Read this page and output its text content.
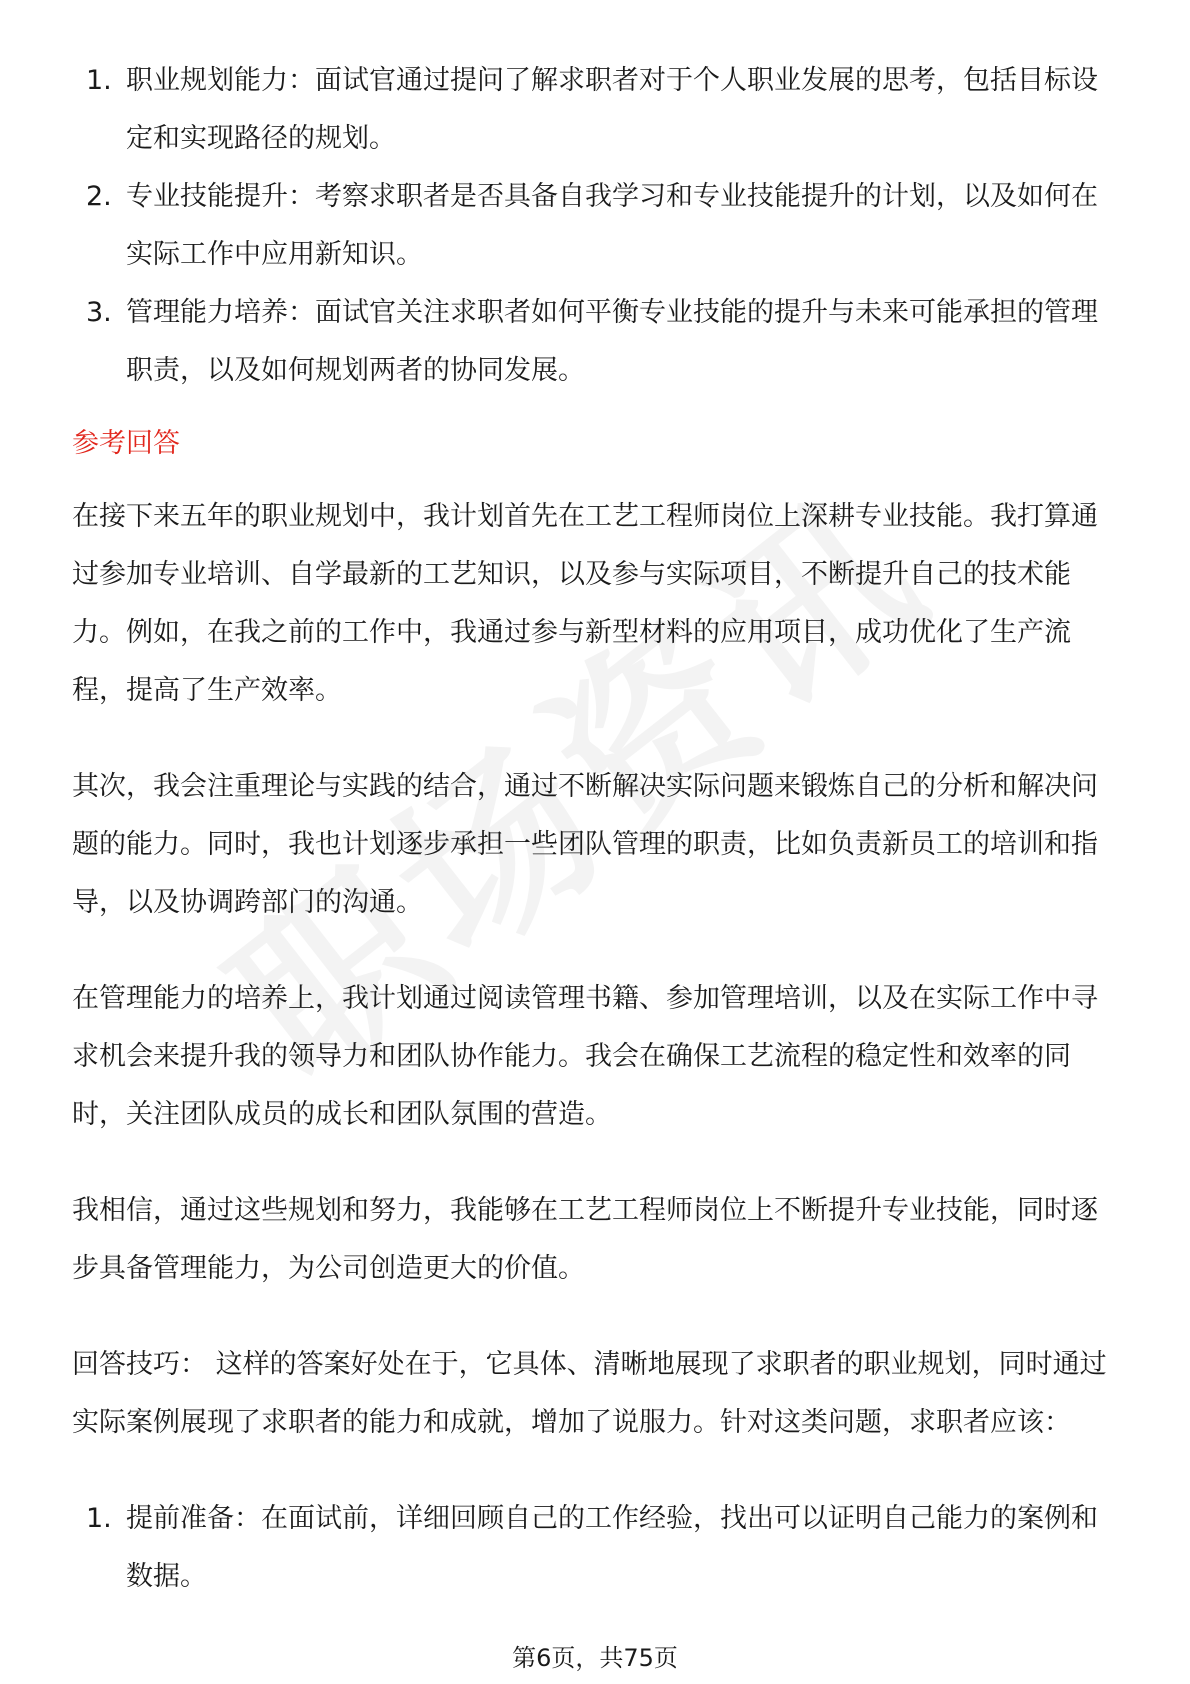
1. 职业规划能力：面试官通过提问了解求职者对于个人职业发展的思考，包括目标设定和实现路径的规划。
2. 专业技能提升：考察求职者是否具备自我学习和专业技能提升的计划，以及如何在实际工作中应用新知识。
3. 管理能力培养：面试官关注求职者如何平衡专业技能的提升与未来可能承担的管理职责，以及如何规划两者的协同发展。
参考回答

在接下来五年的职业规划中，我计划首先在工艺工程师岗位上深耕专业技能。我打算通过参加专业培训、自学最新的工艺知识，以及参与实际项目，不断提升自己的技术能力。例如，在我之前的工作中，我通过参与新型材料的应用项目，成功优化了生产流程，提高了生产效率。

其次，我会注重理论与实践的结合，通过不断解决实际问题来锻炼自己的分析和解决问题的能力。同时，我也计划逐步承担一些团队管理的职责，比如负责新员工的培训和指导，以及协调跨部门的沟通。

在管理能力的培养上，我计划通过阅读管理书籍、参加管理培训，以及在实际工作中寻求机会来提升我的领导力和团队协作能力。我会在确保工艺流程的稳定性和效率的同时，关注团队成员的成长和团队氛围的营造。

我相信，通过这些规划和努力，我能够在工艺工程师岗位上不断提升专业技能，同时逐步具备管理能力，为公司创造更大的价值。

回答技巧： 这样的答案好处在于，它具体、清晰地展现了求职者的职业规划，同时通过实际案例展现了求职者的能力和成就，增加了说服力。针对这类问题，求职者应该：

1. 提前准备：在面试前，详细回顾自己的工作经验，找出可以证明自己能力的案例和数据。
第6页，共75页
